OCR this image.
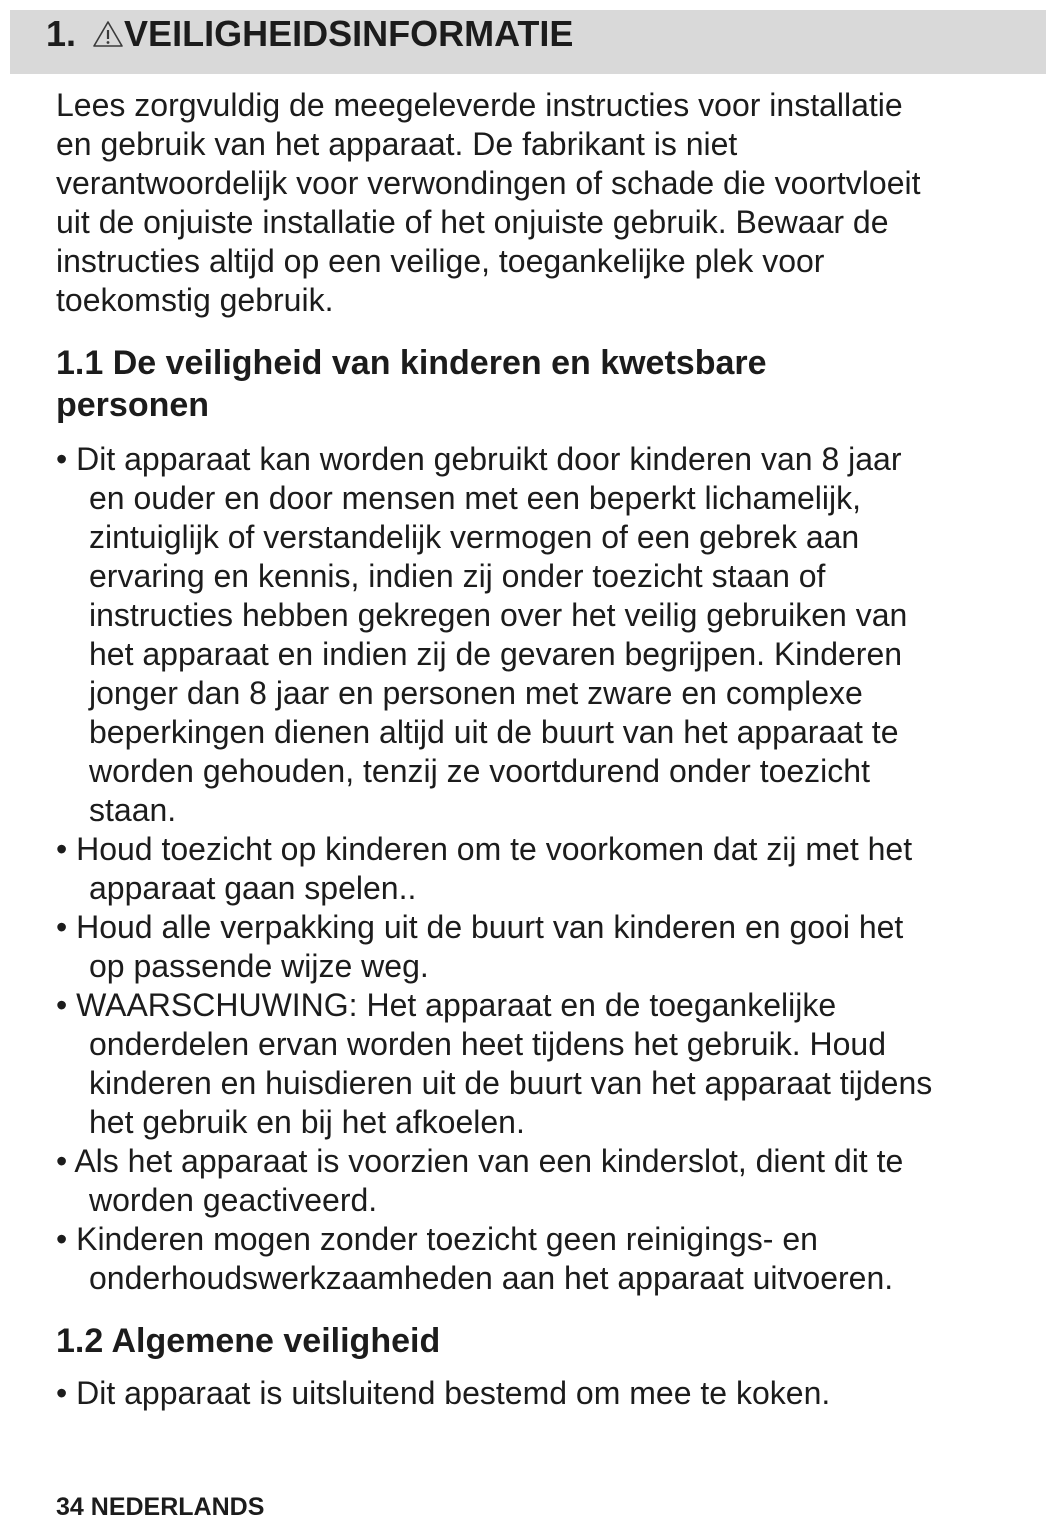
1. VEILIGHEIDSINFORMATIE

Lees zorgvuldig de meegeleverde instructies voor installatie
en gebruik van het apparaat. De fabrikant is niet
verantwoordelijk voor verwondingen of schade die voortvloeit
uit de onjuiste installatie of het onjuiste gebruik. Bewaar de
instructies altijd op een veilige, toegankelijke plek voor
toekomstig gebruik.

1.1 De veiligheid van kinderen en kwetsbare
personen
• Dit apparaat kan worden gebruikt door kinderen van 8 jaar
en ouder en door mensen met een beperkt lichamelijk,
zintuiglijk of verstandelijk vermogen of een gebrek aan
ervaring en kennis, indien zij onder toezicht staan of
instructies hebben gekregen over het veilig gebruiken van
het apparaat en indien zij de gevaren begrijpen. Kinderen
jonger dan 8 jaar en personen met zware en complexe
beperkingen dienen altijd uit de buurt van het apparaat te
worden gehouden, tenzij ze voortdurend onder toezicht
staan.
• Houd toezicht op kinderen om te voorkomen dat zij met het
apparaat gaan spelen..
• Houd alle verpakking uit de buurt van kinderen en gooi het
op passende wijze weg.
• WAARSCHUWING: Het apparaat en de toegankelijke
onderdelen ervan worden heet tijdens het gebruik. Houd
kinderen en huisdieren uit de buurt van het apparaat tijdens
het gebruik en bij het afkoelen.
• Als het apparaat is voorzien van een kinderslot, dient dit te
worden geactiveerd.
• Kinderen mogen zonder toezicht geen reinigings- en
onderhoudswerkzaamheden aan het apparaat uitvoeren.
1.2 Algemene veiligheid
• Dit apparaat is uitsluitend bestemd om mee te koken.

34 NEDERLANDS
